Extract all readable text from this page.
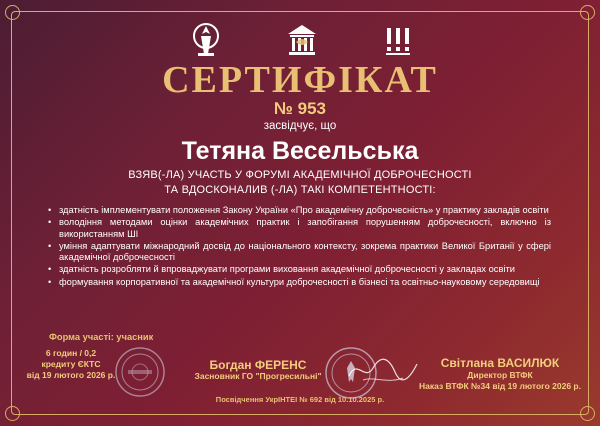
СЕРТИФІКАТ
№ 953
засвідчує, що
Тетяна Весельська
ВЗЯВ(-ЛА) УЧАСТЬ У ФОРУМІ АКАДЕМІЧНОЇ ДОБРОЧЕСНОСТІ
ТА ВДОСКОНАЛИВ (-ЛА) ТАКІ КОМПЕТЕНТНОСТІ:
• здатність імплементувати положення Закону України «Про академічну доброчесність» у практику закладів освіти
• володіння методами оцінки академічних практик і запобігання порушенням доброчесності, включно із використанням ШІ
• уміння адаптувати міжнародний досвід до національного контексту, зокрема практики Великої Британії у сфері академічної доброчесності
• здатність розробляти й впроваджувати програми виховання академічної доброчесності у закладах освіти
• формування корпоративної та академічної культури доброчесності в бізнесі та освітньо-науковому середовищі
Форма участі: учасник
6 годин / 0,2
кредиту ЄКТС
від 19 лютого 2026 р.
Богдан ФЕРЕНС
Засновник ГО "Прогресильні"
Світлана ВАСИЛЮК
Директор ВТФК
Наказ ВТФК №34 від 19 лютого 2026 р.
Посвідчення УкрІНТЕІ № 692 від 10.10.2025 р.
